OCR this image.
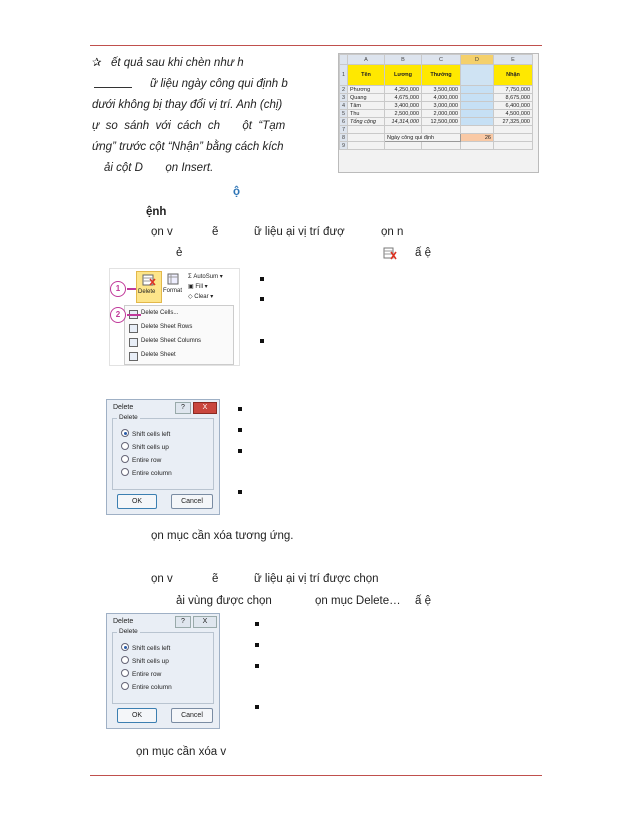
✰ ết quả sau khi chèn như h
ữ liệu ngày công qui định b
dưới không bị thay đổi vị trí. Anh (chị)
ự  so  sánh  với  cách  ch       ột  “Tạm
ứng” trước cột “Nhận” bằng cách kích
ải cột D       ọn Insert.
	A	B	C	D	E
1	Tên	Lương	Thưởng		Nhận
2	Phương	4,250,000	3,500,000		7,750,000
3	Quang	4,675,000	4,000,000		8,675,000
4	Tâm	3,400,000	3,000,000		6,400,000
5	Thu	2,500,000	2,000,000		4,500,000
6	Tổng cộng	14,314,000	12,500,000		27,325,000
7					
8		Ngày công qui định		26	
9					
ộ
ệnh
ọn v	ẽ	ữ liệu ại vị trí đượ	ọn n
ẻ	ấ ệ
Delete Format
Σ AutoSum ▾
▣ Fill ▾
◇ Clear ▾
Delete Cells...
Delete Sheet Rows
Delete Sheet Columns
Delete Sheet
1
2
Delete	?	X
Delete
Shift cells left
Shift cells up
Entire row
Entire column
OK	Cancel
ọn mục cần xóa tương ứng.
ọn v	ẽ	ữ liệu ại vị trí được chọn
ải vùng được chọn	ọn mục Delete… ấ ệ
Delete	?	X
Delete
Shift cells left
Shift cells up
Entire row
Entire column
OK	Cancel
ọn mục cần xóa v
